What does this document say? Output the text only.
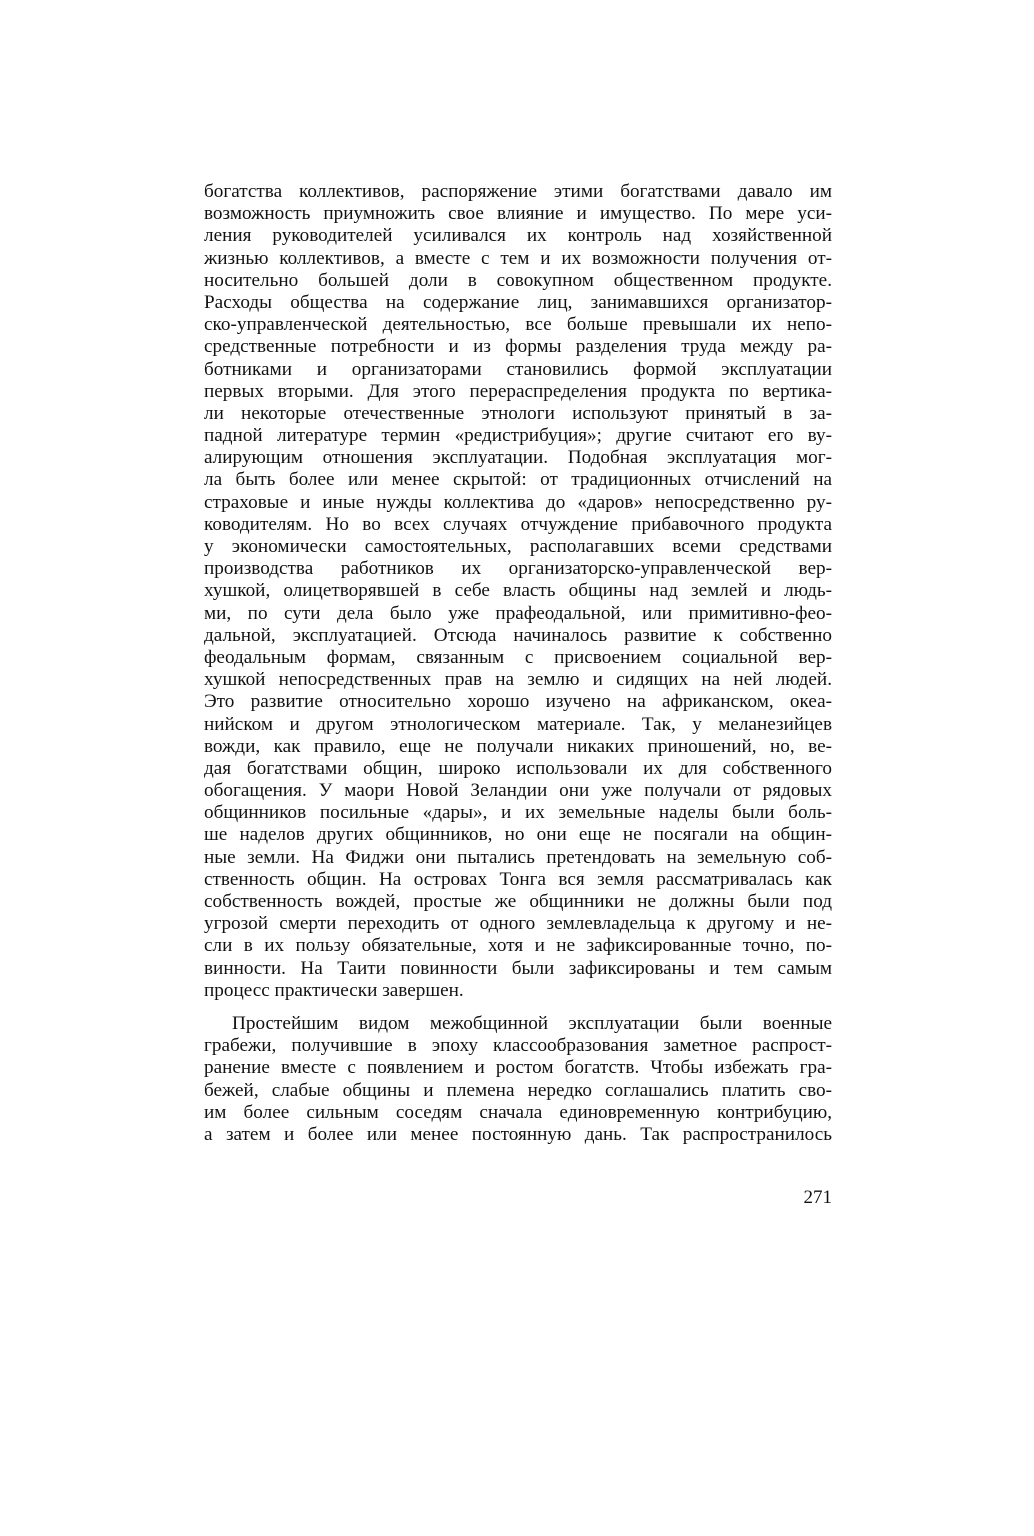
богатства коллективов, распоряжение этими богатствами давало им
возможность приумножить свое влияние и имущество. По мере уси-
ления руководителей усиливался их контроль над хозяйственной
жизнью коллективов, а вместе с тем и их возможности получения от-
носительно большей доли в совокупном общественном продукте.
Расходы общества на содержание лиц, занимавшихся организатор-
ско-управленческой деятельностью, все больше превышали их непо-
средственные потребности и из формы разделения труда между ра-
ботниками и организаторами становились формой эксплуатации
первых вторыми. Для этого перераспределения продукта по вертика-
ли некоторые отечественные этнологи используют принятый в за-
падной литературе термин «редистрибуция»; другие считают его ву-
алирующим отношения эксплуатации. Подобная эксплуатация мог-
ла быть более или менее скрытой: от традиционных отчислений на
страховые и иные нужды коллектива до «даров» непосредственно ру-
ководителям. Но во всех случаях отчуждение прибавочного продукта
у экономически самостоятельных, располагавших всеми средствами
производства работников их организаторско-управленческой вер-
хушкой, олицетворявшей в себе власть общины над землей и людь-
ми, по сути дела было уже прафеодальной, или примитивно-фео-
дальной, эксплуатацией. Отсюда начиналось развитие к собственно
феодальным формам, связанным с присвоением социальной вер-
хушкой непосредственных прав на землю и сидящих на ней людей.
Это развитие относительно хорошо изучено на африканском, океа-
нийском и другом этнологическом материале. Так, у меланезийцев
вожди, как правило, еще не получали никаких приношений, но, ве-
дая богатствами общин, широко использовали их для собственного
обогащения. У маори Новой Зеландии они уже получали от рядовых
общинников посильные «дары», и их земельные наделы были боль-
ше наделов других общинников, но они еще не посягали на общин-
ные земли. На Фиджи они пытались претендовать на земельную соб-
ственность общин. На островах Тонга вся земля рассматривалась как
собственность вождей, простые же общинники не должны были под
угрозой смерти переходить от одного землевладельца к другому и не-
сли в их пользу обязательные, хотя и не зафиксированные точно, по-
винности. На Таити повинности были зафиксированы и тем самым
процесс практически завершен.
Простейшим видом межобщинной эксплуатации были военные
грабежи, получившие в эпоху классообразования заметное распрост-
ранение вместе с появлением и ростом богатств. Чтобы избежать гра-
бежей, слабые общины и племена нередко соглашались платить сво-
им более сильным соседям сначала единовременную контрибуцию,
а затем и более или менее постоянную дань. Так распространилось
271
